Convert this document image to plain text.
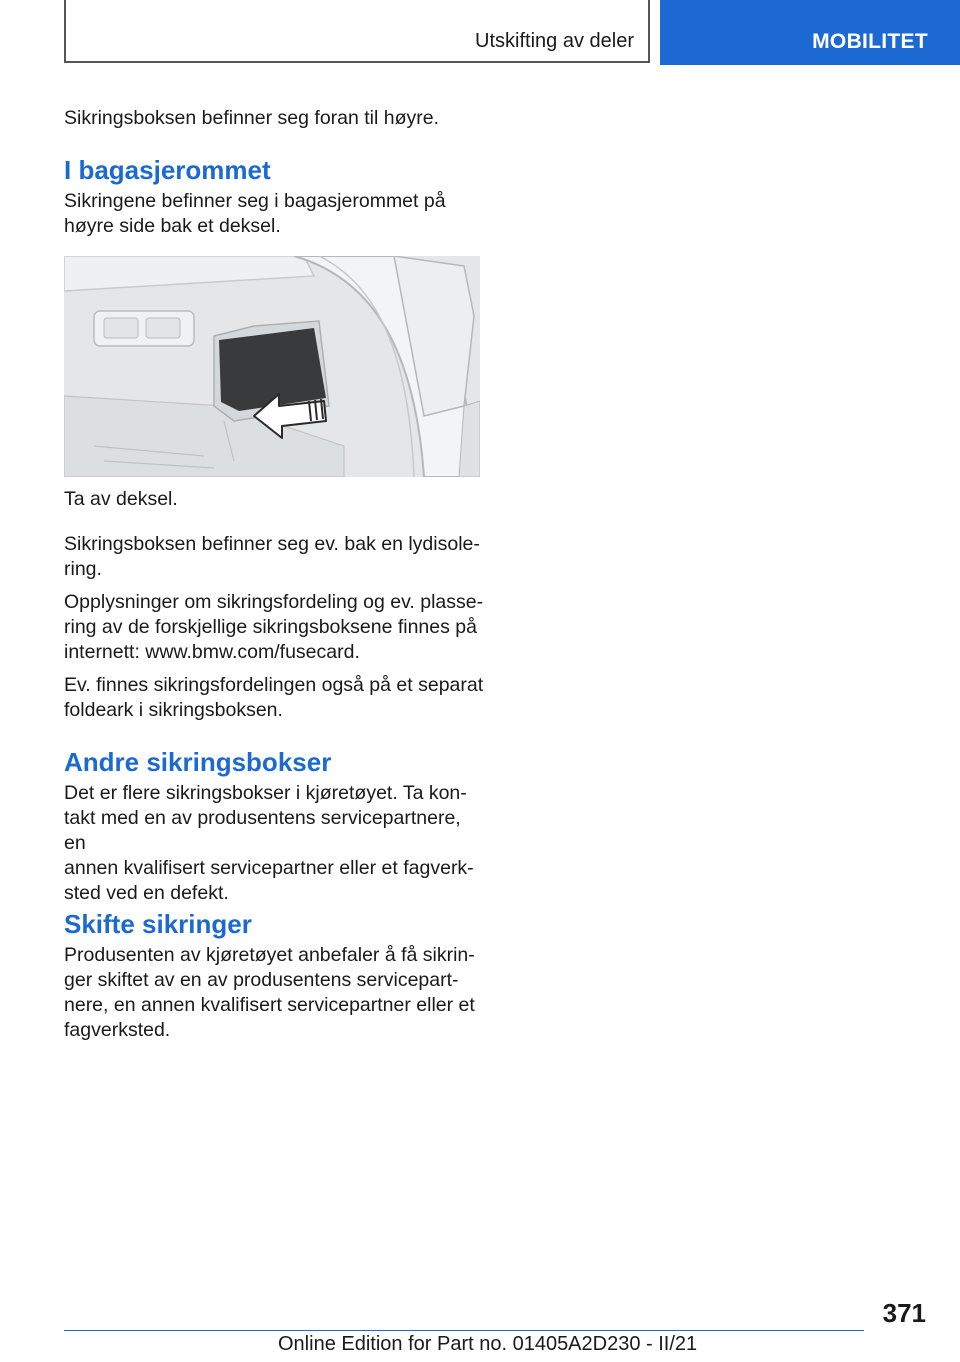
Utskifting av deler	MOBILITET

Sikringsboksen befinner seg foran til høyre.

I bagasjerommet

Sikringene befinner seg i bagasjerommet på
høyre side bak et deksel.

Ta av deksel.

Sikringsboksen befinner seg ev. bak en lydisole-
ring.

Opplysninger om sikringsfordeling og ev. plasse-
ring av de forskjellige sikringsboksene finnes på
internett: www.bmw.com/fusecard.

Ev. finnes sikringsfordelingen også på et separat
foldeark i sikringsboksen.

Andre sikringsbokser

Det er flere sikringsbokser i kjøretøyet. Ta kon-
takt med en av produsentens servicepartnere, en
annen kvalifisert servicepartner eller et fagverk-
sted ved en defekt.

Skifte sikringer

Produsenten av kjøretøyet anbefaler å få sikrin-
ger skiftet av en av produsentens servicepart-
nere, en annen kvalifisert servicepartner eller et
fagverksted.

371
Online Edition for Part no. 01405A2D230 - II/21
